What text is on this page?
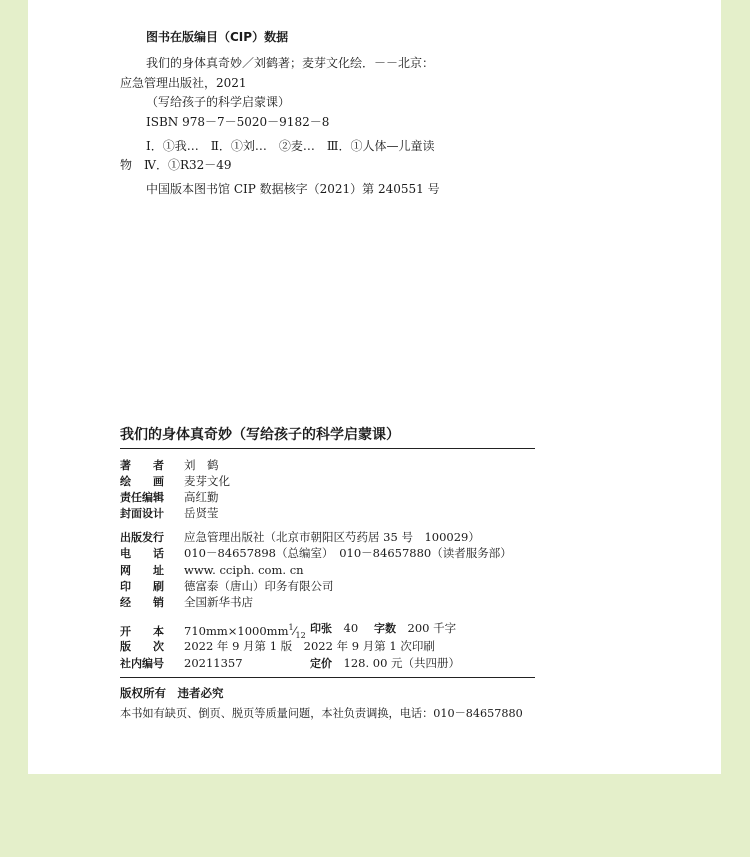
图书在版编目（CIP）数据
我们的身体真奇妙／刘鹤著；麦芽文化绘．－－北京：
应急管理出版社，2021
（写给孩子的科学启蒙课）
ISBN 978－7－5020－9182－8
Ⅰ．①我…　Ⅱ．①刘…　②麦…　Ⅲ．①人体—儿童读
物　Ⅳ．①R32－49
中国版本图书馆 CIP 数据核字（2021）第 240551 号
我们的身体真奇妙（写给孩子的科学启蒙课）
著　　者 刘　鹤
绘　　画 麦芽文化
责任编辑 高红勤
封面设计 岳贤莹
出版发行 应急管理出版社（北京市朝阳区芍药居 35 号　100029）
电　　话 010－84657898（总编室）　010－84657880（读者服务部）
网　　址 www. cciph. com. cn
印　　刷 德富泰（唐山）印务有限公司
经　　销 全国新华书店
开　　本 $710mm\times 1000mm^1⁄_{12}$
印张　 40 字数　 200 千字
版　　次 2022 年 9 月第 1 版　2022 年 9 月第 1 次印刷
社内编号 20211357	定价　 128. 00 元（共四册）
版权所有　违者必究
本书如有缺页、倒页、脱页等质量问题，本社负责调换，电话：010－84657880
